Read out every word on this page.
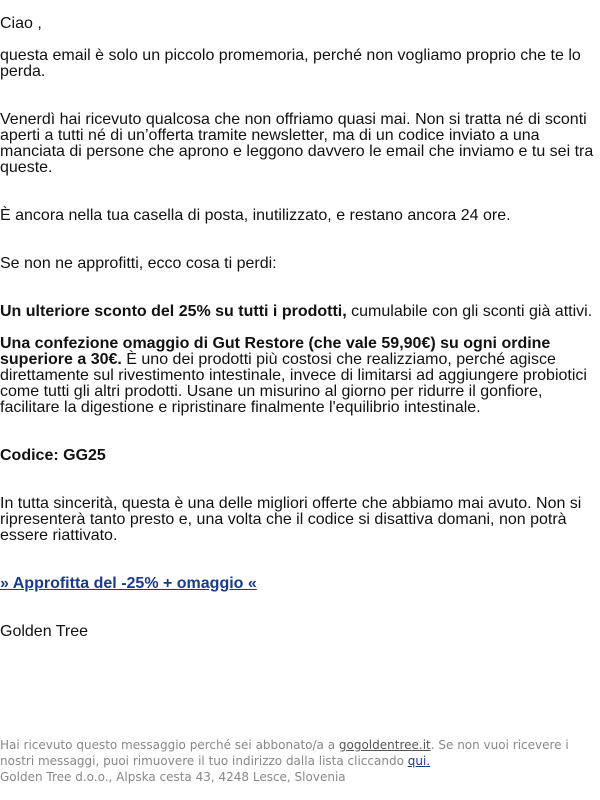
Ciao ,

questa email è solo un piccolo promemoria, perché non vogliamo proprio che te lo perda.

Venerdì hai ricevuto qualcosa che non offriamo quasi mai. Non si tratta né di sconti aperti a tutti né di un’offerta tramite newsletter, ma di un codice inviato a una manciata di persone che aprono e leggono davvero le email che inviamo e tu sei tra queste.

È ancora nella tua casella di posta, inutilizzato, e restano ancora 24 ore.

Se non ne approfitti, ecco cosa ti perdi:

Un ulteriore sconto del 25% su tutti i prodotti, cumulabile con gli sconti già attivi.

Una confezione omaggio di Gut Restore (che vale 59,90€) su ogni ordine superiore a 30€. È uno dei prodotti più costosi che realizziamo, perché agisce direttamente sul rivestimento intestinale, invece di limitarsi ad aggiungere probiotici come tutti gli altri prodotti. Usane un misurino al giorno per ridurre il gonfiore, facilitare la digestione e ripristinare finalmente l'equilibrio intestinale.

Codice: GG25

In tutta sincerità, questa è una delle migliori offerte che abbiamo mai avuto. Non si ripresenterà tanto presto e, una volta che il codice si disattiva domani, non potrà essere riattivato.

» Approfitta del -25% + omaggio «

Golden Tree

Hai ricevuto questo messaggio perché sei abbonato/a a gogoldentree.it. Se non vuoi ricevere i nostri messaggi, puoi rimuovere il tuo indirizzo dalla lista cliccando qui.
Golden Tree d.o.o., Alpska cesta 43, 4248 Lesce, Slovenia
